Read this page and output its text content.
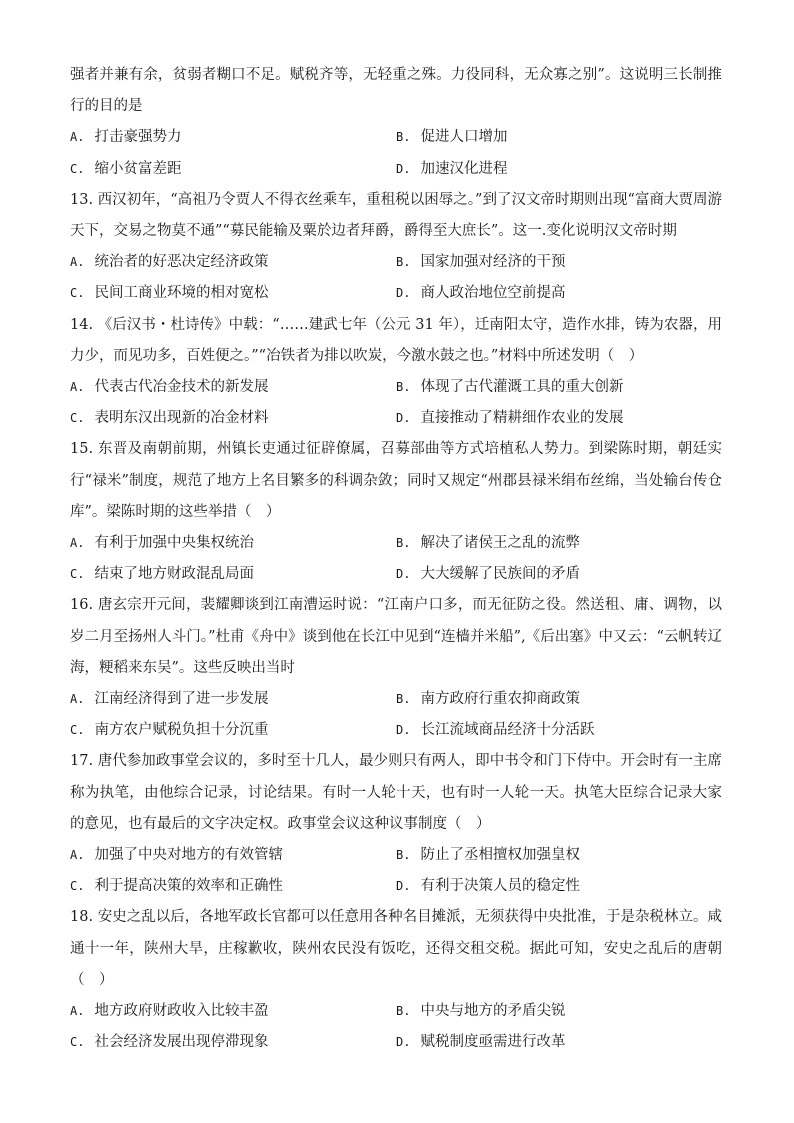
强者并兼有余，贫弱者糊口不足。赋税齐等，无轻重之殊。力役同科，无众寡之别”。这说明三长制推行的目的是

A. 打击豪强势力	B. 促进人口增加
C. 缩小贫富差距	D. 加速汉化进程

13. 西汉初年，“高祖乃令贾人不得衣丝乘车，重租税以困辱之。”到了汉文帝时期则出现“富商大贾周游天下，交易之物莫不通”“募民能输及粟於边者拜爵，爵得至大庶长”。这一.变化说明汉文帝时期

A. 统治者的好恶决定经济政策	B. 国家加强对经济的干预
C. 民间工商业环境的相对宽松	D. 商人政治地位空前提高

14. 《后汉书・杜诗传》中载：“……建武七年（公元 31 年），迁南阳太守，造作水排，铸为农器，用力少，而见功多，百姓便之。”“冶铁者为排以吹炭，今激水鼓之也。”材料中所述发明（　）

A. 代表古代冶金技术的新发展	B. 体现了古代灌溉工具的重大创新
C. 表明东汉出现新的冶金材料	D. 直接推动了精耕细作农业的发展

15. 东晋及南朝前期，州镇长吏通过征辟僚属，召募部曲等方式培植私人势力。到梁陈时期，朝廷实行“禄米”制度，规范了地方上名目繁多的科调杂敛；同时又规定“州郡县禄米绢布丝绵，当处输台传仓库”。梁陈时期的这些举措（　）

A. 有利于加强中央集权统治	B. 解决了诸侯王之乱的流弊
C. 结束了地方财政混乱局面	D. 大大缓解了民族间的矛盾

16. 唐玄宗开元间，裴耀卿谈到江南漕运时说：“江南户口多，而无征防之役。然送租、庸、调物，以岁二月至扬州人斗门。”杜甫《舟中》谈到他在长江中见到“连樯并米船”,《后出塞》中又云：“云帆转辽海，粳稻来东吴”。这些反映出当时

A. 江南经济得到了进一步发展	B. 南方政府行重农抑商政策
C. 南方农户赋税负担十分沉重	D. 长江流域商品经济十分活跃

17. 唐代参加政事堂会议的，多时至十几人，最少则只有两人，即中书令和门下侍中。开会时有一主席称为执笔，由他综合记录，讨论结果。有时一人轮十天，也有时一人轮一天。执笔大臣综合记录大家的意见，也有最后的文字决定权。政事堂会议这种议事制度（　）

A. 加强了中央对地方的有效管辖	B. 防止了丞相擅权加强皇权
C. 利于提高决策的效率和正确性	D. 有利于决策人员的稳定性

18. 安史之乱以后，各地军政长官都可以任意用各种名目摊派，无须获得中央批准，于是杂税林立。咸通十一年，陕州大旱，庄稼歉收，陕州农民没有饭吃，还得交租交税。据此可知，安史之乱后的唐朝（　）

A. 地方政府财政收入比较丰盈	B. 中央与地方的矛盾尖锐
C. 社会经济发展出现停滞现象	D. 赋税制度亟需进行改革
